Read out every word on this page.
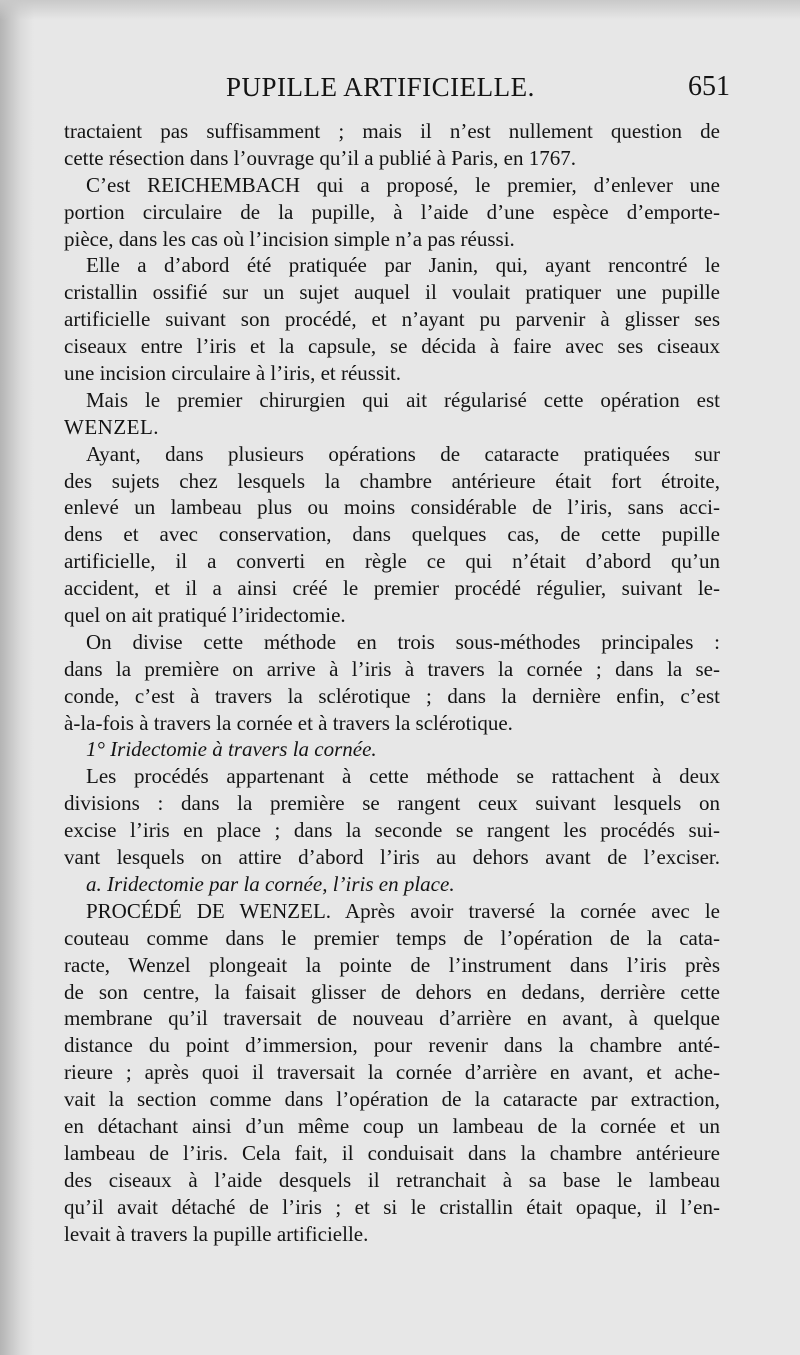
PUPILLE ARTIFICIELLE.	651
tractaient pas suffisamment ; mais il n’est nullement question de
cette résection dans l’ouvrage qu’il a publié à Paris, en 1767.
C’est REICHEMBACH qui a proposé, le premier, d’enlever une
portion circulaire de la pupille, à l’aide d’une espèce d’emporte-
pièce, dans les cas où l’incision simple n’a pas réussi.
Elle a d’abord été pratiquée par Janin, qui, ayant rencontré le
cristallin ossifié sur un sujet auquel il voulait pratiquer une pupille
artificielle suivant son procédé, et n’ayant pu parvenir à glisser ses
ciseaux entre l’iris et la capsule, se décida à faire avec ses ciseaux
une incision circulaire à l’iris, et réussit.
Mais le premier chirurgien qui ait régularisé cette opération est
WENZEL.
Ayant, dans plusieurs opérations de cataracte pratiquées sur
des sujets chez lesquels la chambre antérieure était fort étroite,
enlevé un lambeau plus ou moins considérable de l’iris, sans acci-
dens et avec conservation, dans quelques cas, de cette pupille
artificielle, il a converti en règle ce qui n’était d’abord qu’un
accident, et il a ainsi créé le premier procédé régulier, suivant le-
quel on ait pratiqué l’iridectomie.
On divise cette méthode en trois sous-méthodes principales :
dans la première on arrive à l’iris à travers la cornée ; dans la se-
conde, c’est à travers la sclérotique ; dans la dernière enfin, c’est
à-la-fois à travers la cornée et à travers la sclérotique.
1° Iridectomie à travers la cornée.
Les procédés appartenant à cette méthode se rattachent à deux
divisions : dans la première se rangent ceux suivant lesquels on
excise l’iris en place ; dans la seconde se rangent les procédés sui-
vant lesquels on attire d’abord l’iris au dehors avant de l’exciser.
a. Iridectomie par la cornée, l’iris en place.
PROCÉDÉ DE WENZEL. Après avoir traversé la cornée avec le
couteau comme dans le premier temps de l’opération de la cata-
racte, Wenzel plongeait la pointe de l’instrument dans l’iris près
de son centre, la faisait glisser de dehors en dedans, derrière cette
membrane qu’il traversait de nouveau d’arrière en avant, à quelque
distance du point d’immersion, pour revenir dans la chambre anté-
rieure ; après quoi il traversait la cornée d’arrière en avant, et ache-
vait la section comme dans l’opération de la cataracte par extraction,
en détachant ainsi d’un même coup un lambeau de la cornée et un
lambeau de l’iris. Cela fait, il conduisait dans la chambre antérieure
des ciseaux à l’aide desquels il retranchait à sa base le lambeau
qu’il avait détaché de l’iris ; et si le cristallin était opaque, il l’en-
levait à travers la pupille artificielle.
